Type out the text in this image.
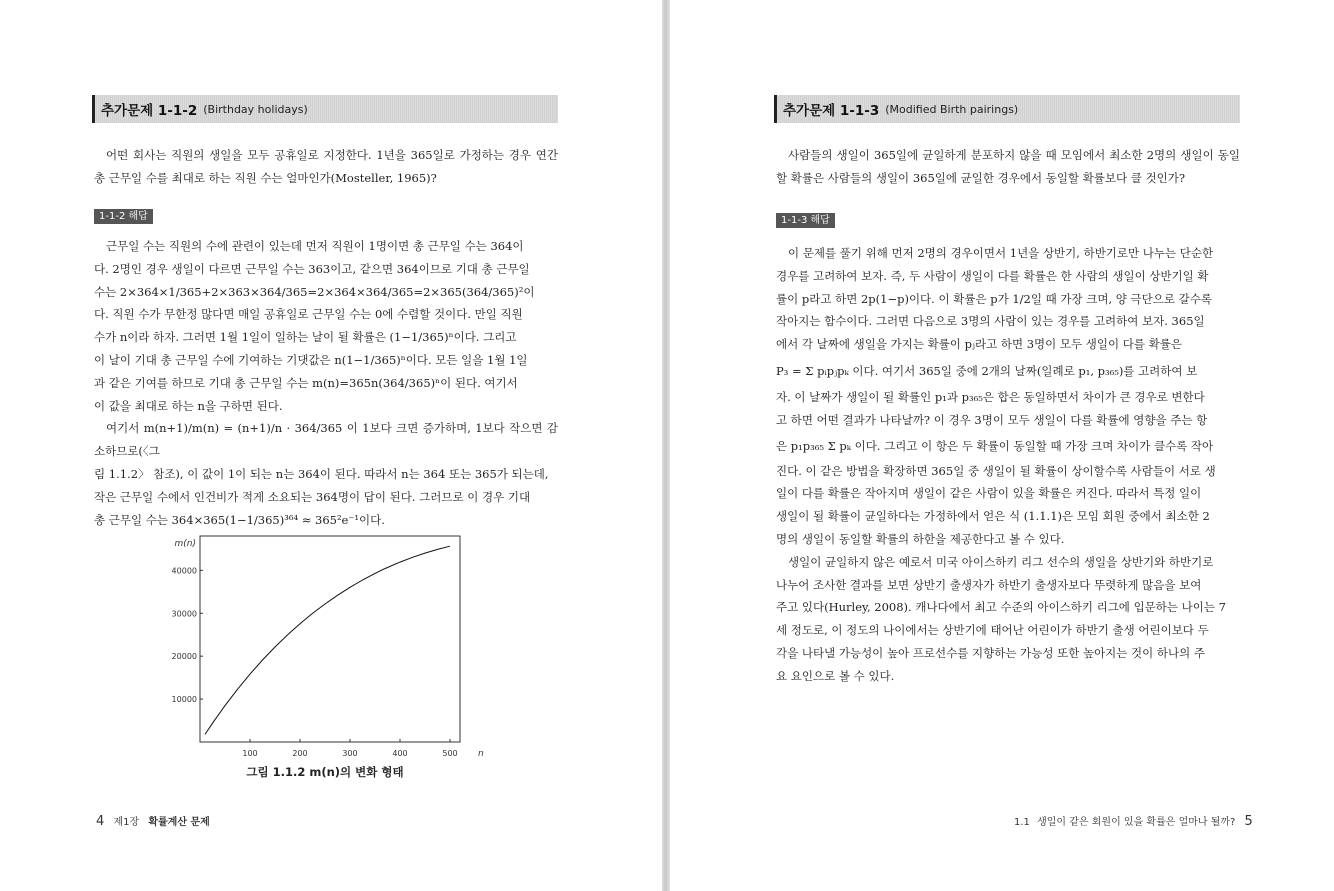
추가문제 1-1-2 (Birthday holidays)

어떤 회사는 직원의 생일을 모두 공휴일로 지정한다. 1년을 365일로 가정하는 경우 연간 총 근무일 수를 최대로 하는 직원 수는 얼마인가(Mosteller, 1965)?

1-1-2 해답
근무일 수는 직원의 수에 관련이 있는데 먼저 직원이 1명이면 총 근무일 수는 364이
다. 2명인 경우 생일이 다르면 근무일 수는 363이고, 같으면 364이므로 기대 총 근무일
수는 2×364×1/365+2×363×364/365=2×364×364/365=2×365(364/365)²이
다. 직원 수가 무한정 많다면 매일 공휴일로 근무일 수는 0에 수렴할 것이다. 만일 직원
수가 n이라 하자. 그러면 1월 1일이 일하는 날이 될 확률은 (1−1/365)ⁿ이다. 그리고
이 날이 기대 총 근무일 수에 기여하는 기댓값은 n(1−1/365)ⁿ이다. 모든 일을 1월 1일
과 같은 기여를 하므로 기대 총 근무일 수는 m(n)=365n(364/365)ⁿ이 된다. 여기서
이 값을 최대로 하는 n을 구하면 된다.
여기서 m(n+1)/m(n) = (n+1)/n · 364/365 이 1보다 크면 증가하며, 1보다 작으면 감소하므로(〈그
림 1.1.2〉 참조), 이 값이 1이 되는 n는 364이 된다. 따라서 n는 364 또는 365가 되는데,
작은 근무일 수에서 인건비가 적게 소요되는 364명이 답이 된다. 그러므로 이 경우 기대
총 근무일 수는 364×365(1−1/365)³⁶⁴ ≈ 365²e⁻¹이다.
100	200	300	400	500
10000
20000
30000
40000
m(n)
n
그림 1.1.2 m(n)의 변화 형태
4 제1장 확률계산 문제
추가문제 1-1-3 (Modified Birth pairings)

사람들의 생일이 365일에 균일하게 분포하지 않을 때 모임에서 최소한 2명의 생일이 동일할 확률은 사람들의 생일이 365일에 균일한 경우에서 동일할 확률보다 클 것인가?

1-1-3 해답
이 문제를 풀기 위해 먼저 2명의 경우이면서 1년을 상반기, 하반기로만 나누는 단순한
경우를 고려하여 보자. 즉, 두 사람이 생일이 다를 확률은 한 사람의 생일이 상반기일 확
률이 p라고 하면 2p(1−p)이다. 이 확률은 p가 1/2일 때 가장 크며, 양 극단으로 갈수록
작아지는 함수이다. 그러면 다음으로 3명의 사람이 있는 경우를 고려하여 보자. 365일
에서 각 날짜에 생일을 가지는 확률이 pⱼ라고 하면 3명이 모두 생일이 다를 확률은
P₃ = Σ pᵢpⱼpₖ 이다. 여기서 365일 중에 2개의 날짜(일례로 p₁, p₃₆₅)를 고려하여 보
자. 이 날짜가 생일이 될 확률인 p₁과 p₃₆₅은 합은 동일하면서 차이가 큰 경우로 변한다
고 하면 어떤 결과가 나타날까? 이 경우 3명이 모두 생일이 다를 확률에 영향을 주는 항
은 p₁p₃₆₅ Σ pₖ 이다. 그리고 이 항은 두 확률이 동일할 때 가장 크며 차이가 클수록 작아
진다. 이 같은 방법을 확장하면 365일 중 생일이 될 확률이 상이할수록 사람들이 서로 생
일이 다를 확률은 작아지며 생일이 같은 사람이 있을 확률은 커진다. 따라서 특정 일이
생일이 될 확률이 균일하다는 가정하에서 얻은 식 (1.1.1)은 모임 회원 중에서 최소한 2
명의 생일이 동일할 확률의 하한을 제공한다고 볼 수 있다.
생일이 균일하지 않은 예로서 미국 아이스하키 리그 선수의 생일을 상반기와 하반기로
나누어 조사한 결과를 보면 상반기 출생자가 하반기 출생자보다 뚜렷하게 많음을 보여
주고 있다(Hurley, 2008). 캐나다에서 최고 수준의 아이스하키 리그에 입문하는 나이는 7
세 정도로, 이 정도의 나이에서는 상반기에 태어난 어린이가 하반기 출생 어린이보다 두
각을 나타낼 가능성이 높아 프로선수를 지향하는 가능성 또한 높아지는 것이 하나의 주
요 요인으로 볼 수 있다.
1.1 생일이 같은 회원이 있을 확률은 얼마나 될까? 5
